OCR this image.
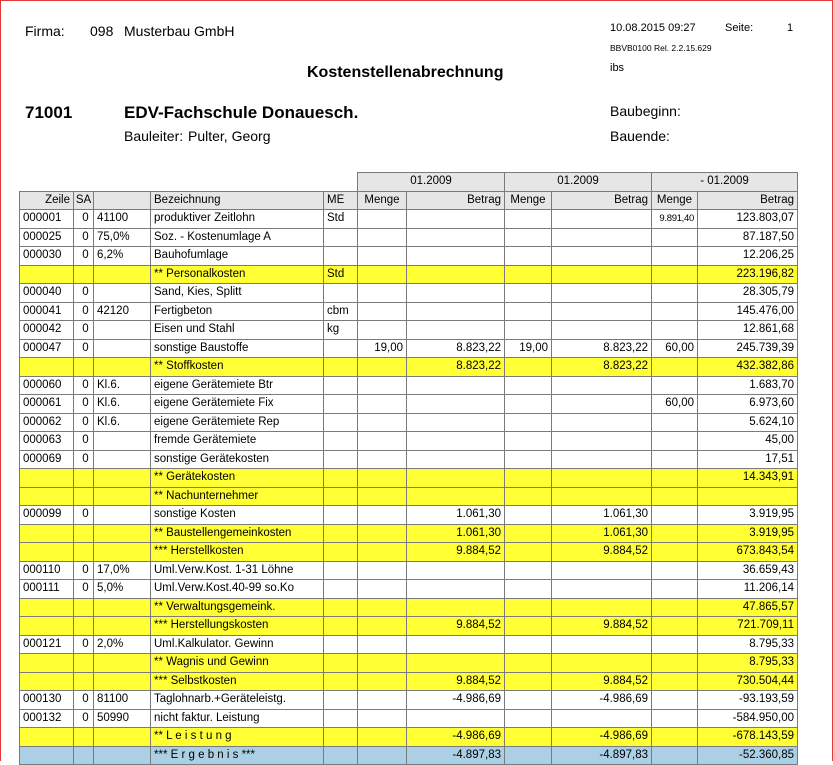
Firma: 098 Musterbau GmbH	10.08.2015 09:27	Seite:	1
BBVB0100 Rel. 2.2.15.629
ibs
Kostenstellenabrechnung
71001	EDV-Fachschule Donauesch.
Bauleiter: Pulter, Georg
Baubeginn:
Bauende:
					01.2009		01.2009		- 01.2009	
Zeile	SA		Bezeichnung	ME	Menge	Betrag	Menge	Betrag	Menge	Betrag
000001	0	41100	produktiver Zeitlohn	Std					9.891,40	123.803,07
000025	0	75,0%	Soz. - Kostenumlage A							87.187,50
000030	0	6,2%	Bauhofumlage							12.206,25
			** Personalkosten	Std						223.196,82
000040	0		Sand, Kies, Splitt							28.305,79
000041	0	42120	Fertigbeton	cbm						145.476,00
000042	0		Eisen und Stahl	kg						12.861,68
000047	0		sonstige Baustoffe		19,00	8.823,22	19,00	8.823,22	60,00	245.739,39
			** Stoffkosten			8.823,22		8.823,22		432.382,86
000060	0	Kl.6.	eigene Gerätemiete Btr							1.683,70
000061	0	Kl.6.	eigene Gerätemiete Fix						60,00	6.973,60
000062	0	Kl.6.	eigene Gerätemiete Rep							5.624,10
000063	0		fremde Gerätemiete							45,00
000069	0		sonstige Gerätekosten							17,51
			** Gerätekosten							14.343,91
			** Nachunternehmer							
000099	0		sonstige Kosten			1.061,30		1.061,30		3.919,95
			** Baustellengemeinkosten			1.061,30		1.061,30		3.919,95
			*** Herstellkosten			9.884,52		9.884,52		673.843,54
000110	0	17,0%	Uml.Verw.Kost. 1-31 Löhne							36.659,43
000111	0	5,0%	Uml.Verw.Kost.40-99 so.Ko							11.206,14
			** Verwaltungsgemeink.							47.865,57
			*** Herstellungskosten			9.884,52		9.884,52		721.709,11
000121	0	2,0%	Uml.Kalkulator. Gewinn							8.795,33
			** Wagnis und Gewinn							8.795,33
			*** Selbstkosten			9.884,52		9.884,52		730.504,44
000130	0	81100	Taglohnarb.+Geräteleistg.			-4.986,69		-4.986,69		-93.193,59
000132	0	50990	nicht faktur. Leistung							-584.950,00
			** L e i s t u n g			-4.986,69		-4.986,69		-678.143,59
			*** E r g e b n i s ***			-4.897,83		-4.897,83		-52.360,85
